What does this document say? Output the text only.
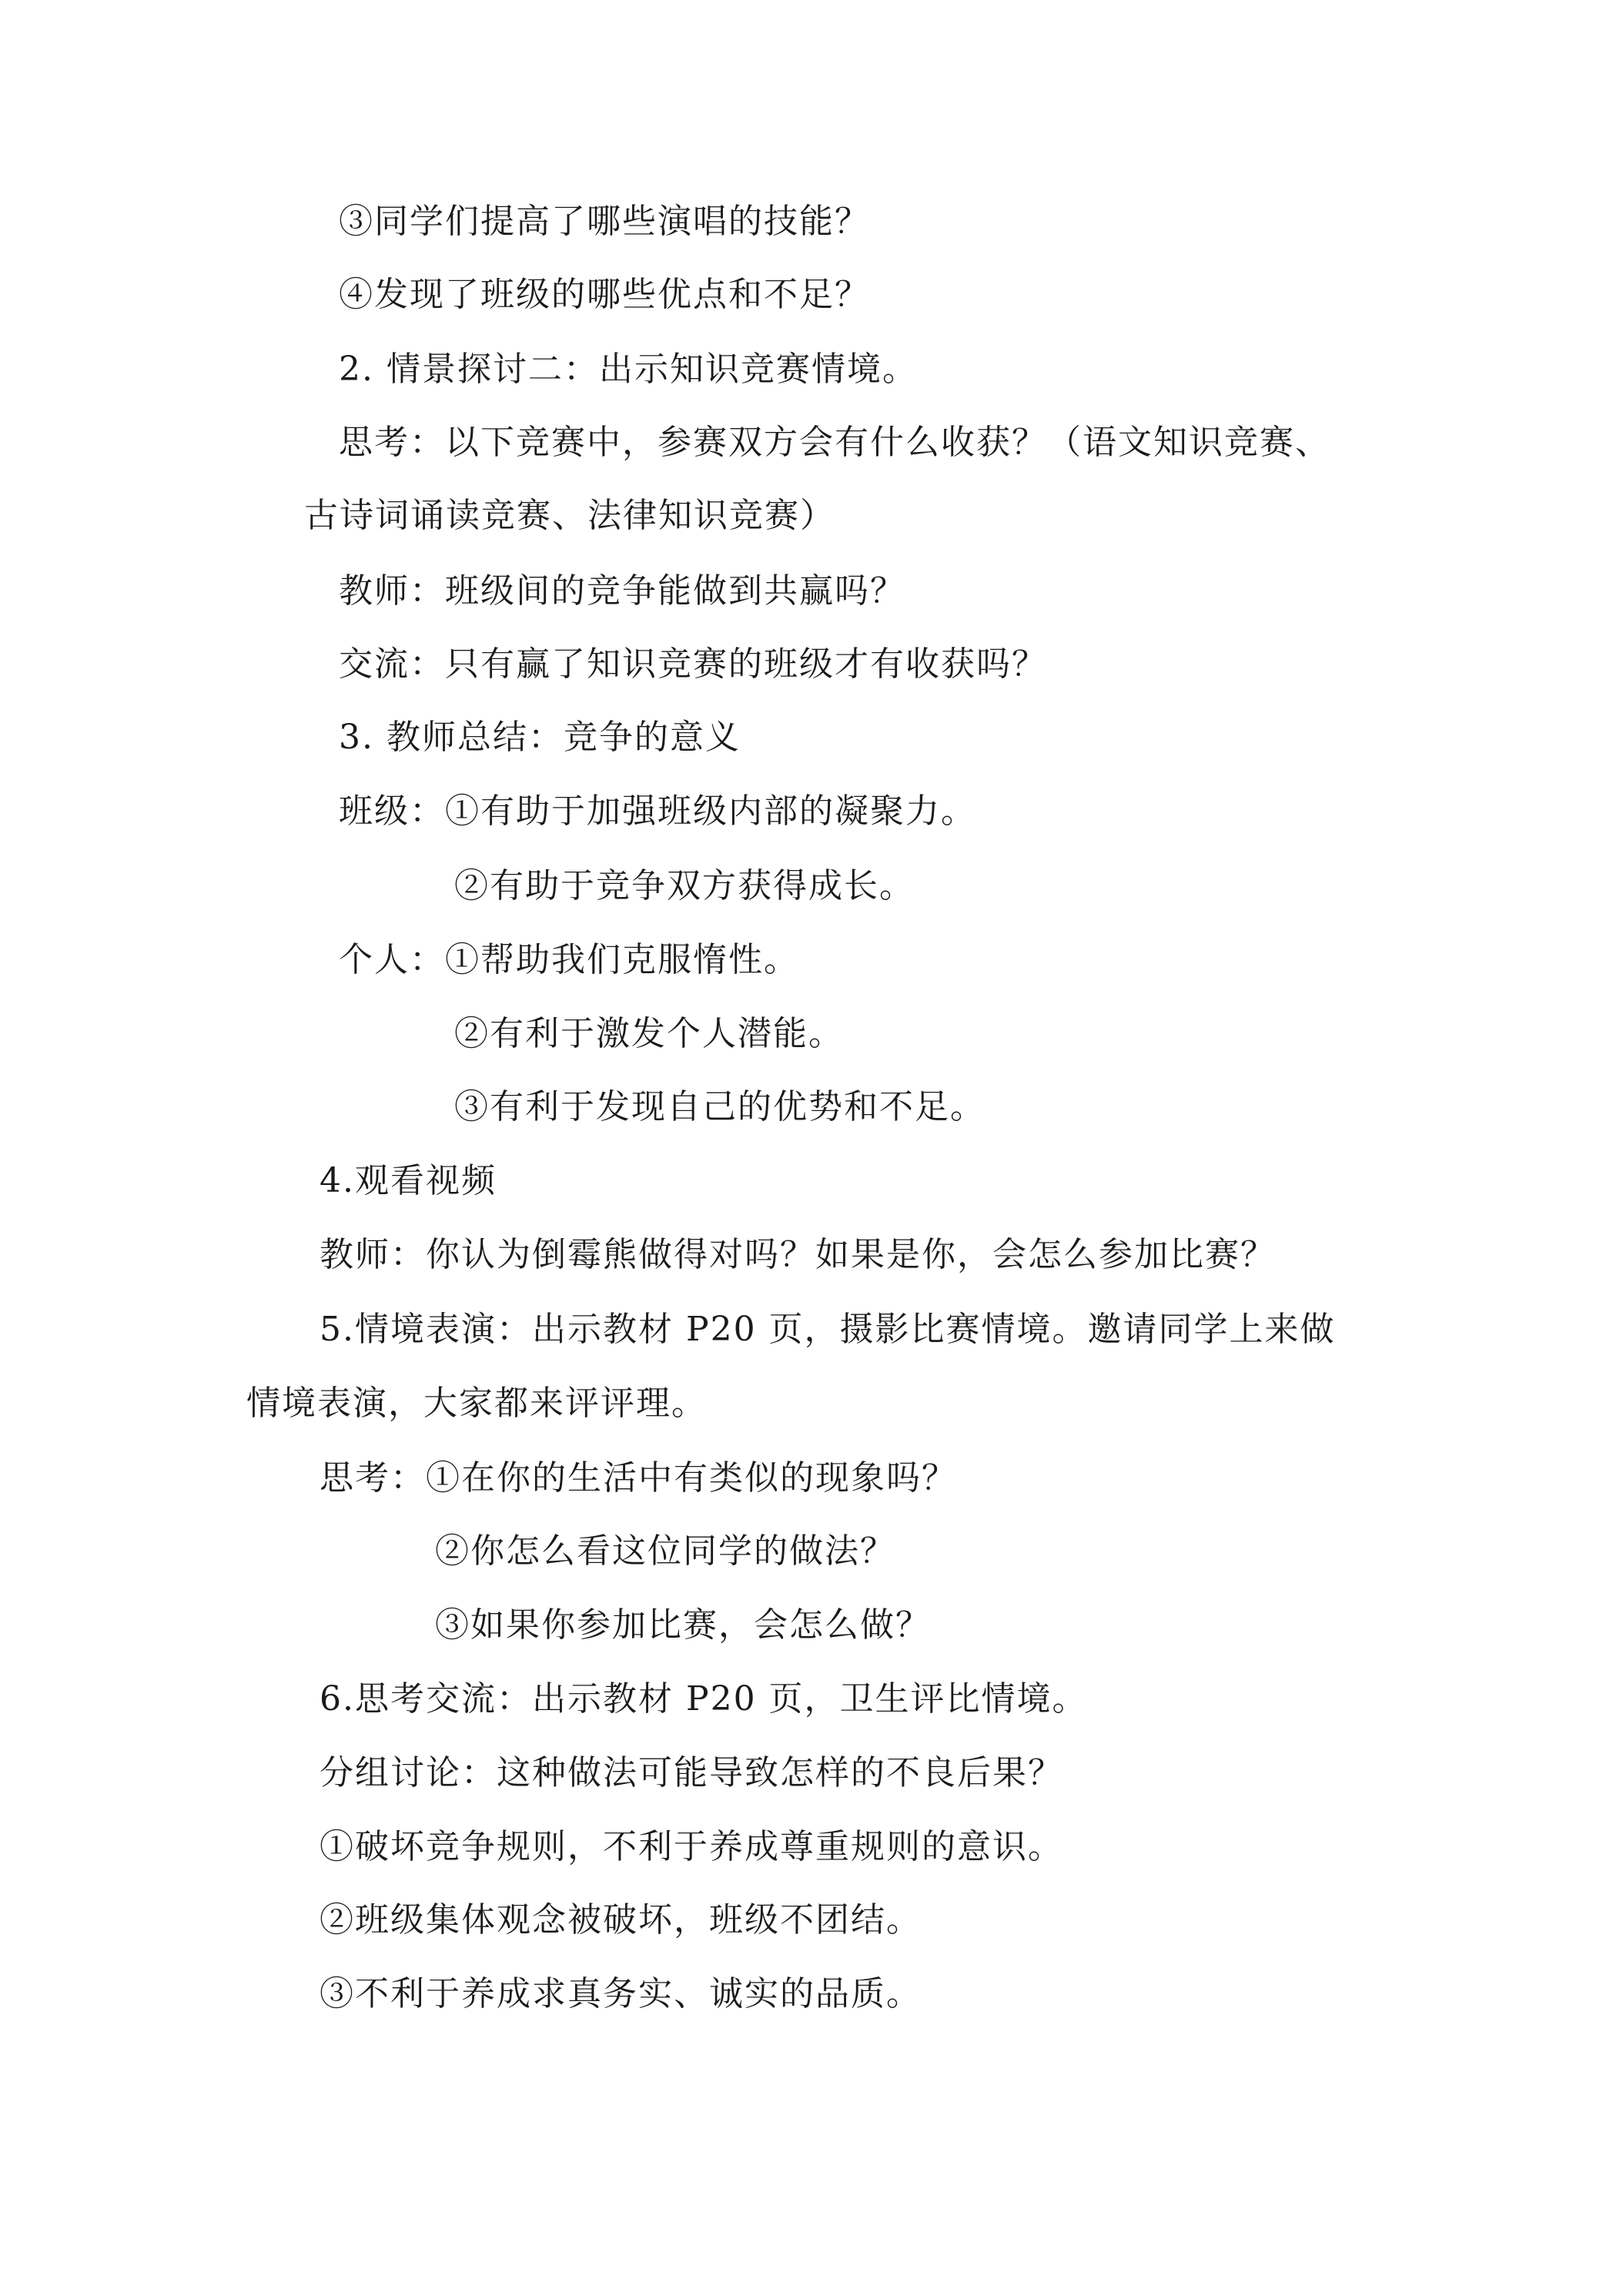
③同学们提高了哪些演唱的技能？
④发现了班级的哪些优点和不足？
2. 情景探讨二：出示知识竞赛情境。
思考：以下竞赛中，参赛双方会有什么收获？（语文知识竞赛、
古诗词诵读竞赛、法律知识竞赛）
教师：班级间的竞争能做到共赢吗？
交流：只有赢了知识竞赛的班级才有收获吗？
3. 教师总结：竞争的意义
班级：①有助于加强班级内部的凝聚力。
②有助于竞争双方获得成长。
个人：①帮助我们克服惰性。
②有利于激发个人潜能。
③有利于发现自己的优势和不足。
4.观看视频
教师：你认为倒霉熊做得对吗？如果是你，会怎么参加比赛？
5.情境表演：出示教材 P20 页，摄影比赛情境。邀请同学上来做
情境表演，大家都来评评理。
思考：①在你的生活中有类似的现象吗？
②你怎么看这位同学的做法？
③如果你参加比赛，会怎么做？
6.思考交流：出示教材 P20 页，卫生评比情境。
分组讨论：这种做法可能导致怎样的不良后果？
①破坏竞争规则，不利于养成尊重规则的意识。
②班级集体观念被破坏，班级不团结。
③不利于养成求真务实、诚实的品质。
